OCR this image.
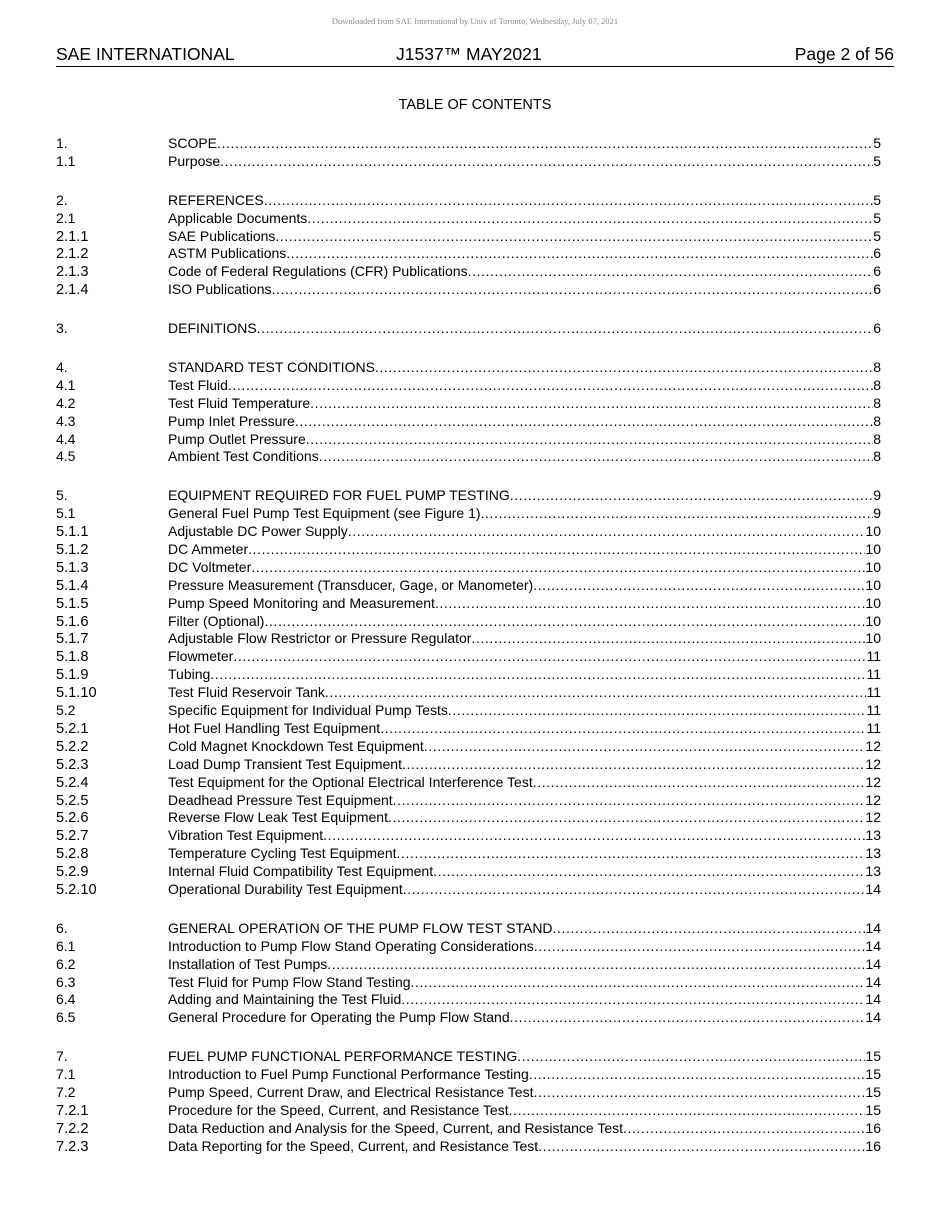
Downloaded from SAE International by Univ of Toronto, Wednesday, July 07, 2021
SAE INTERNATIONAL	J1537™ MAY2021	Page 2 of 56
TABLE OF CONTENTS
1.	SCOPE .....	5
1.1	Purpose .....	5
2.	REFERENCES .....	5
2.1	Applicable Documents .....	5
2.1.1	SAE Publications .....	5
2.1.2	ASTM Publications .....	6
2.1.3	Code of Federal Regulations (CFR) Publications .....	6
2.1.4	ISO Publications .....	6
3.	DEFINITIONS .....	6
4.	STANDARD TEST CONDITIONS .....	8
4.1	Test Fluid .....	8
4.2	Test Fluid Temperature .....	8
4.3	Pump Inlet Pressure .....	8
4.4	Pump Outlet Pressure .....	8
4.5	Ambient Test Conditions .....	8
5.	EQUIPMENT REQUIRED FOR FUEL PUMP TESTING .....	9
5.1	General Fuel Pump Test Equipment (see Figure 1) .....	9
5.1.1	Adjustable DC Power Supply .....	10
5.1.2	DC Ammeter .....	10
5.1.3	DC Voltmeter .....	10
5.1.4	Pressure Measurement (Transducer, Gage, or Manometer) .....	10
5.1.5	Pump Speed Monitoring and Measurement .....	10
5.1.6	Filter (Optional) .....	10
5.1.7	Adjustable Flow Restrictor or Pressure Regulator .....	10
5.1.8	Flowmeter .....	11
5.1.9	Tubing .....	11
5.1.10	Test Fluid Reservoir Tank .....	11
5.2	Specific Equipment for Individual Pump Tests .....	11
5.2.1	Hot Fuel Handling Test Equipment .....	11
5.2.2	Cold Magnet Knockdown Test Equipment .....	12
5.2.3	Load Dump Transient Test Equipment .....	12
5.2.4	Test Equipment for the Optional Electrical Interference Test .....	12
5.2.5	Deadhead Pressure Test Equipment .....	12
5.2.6	Reverse Flow Leak Test Equipment .....	12
5.2.7	Vibration Test Equipment .....	13
5.2.8	Temperature Cycling Test Equipment .....	13
5.2.9	Internal Fluid Compatibility Test Equipment .....	13
5.2.10	Operational Durability Test Equipment .....	14
6.	GENERAL OPERATION OF THE PUMP FLOW TEST STAND .....	14
6.1	Introduction to Pump Flow Stand Operating Considerations .....	14
6.2	Installation of Test Pumps .....	14
6.3	Test Fluid for Pump Flow Stand Testing .....	14
6.4	Adding and Maintaining the Test Fluid .....	14
6.5	General Procedure for Operating the Pump Flow Stand .....	14
7.	FUEL PUMP FUNCTIONAL PERFORMANCE TESTING .....	15
7.1	Introduction to Fuel Pump Functional Performance Testing .....	15
7.2	Pump Speed, Current Draw, and Electrical Resistance Test .....	15
7.2.1	Procedure for the Speed, Current, and Resistance Test .....	15
7.2.2	Data Reduction and Analysis for the Speed, Current, and Resistance Test .....	16
7.2.3	Data Reporting for the Speed, Current, and Resistance Test .....	16
